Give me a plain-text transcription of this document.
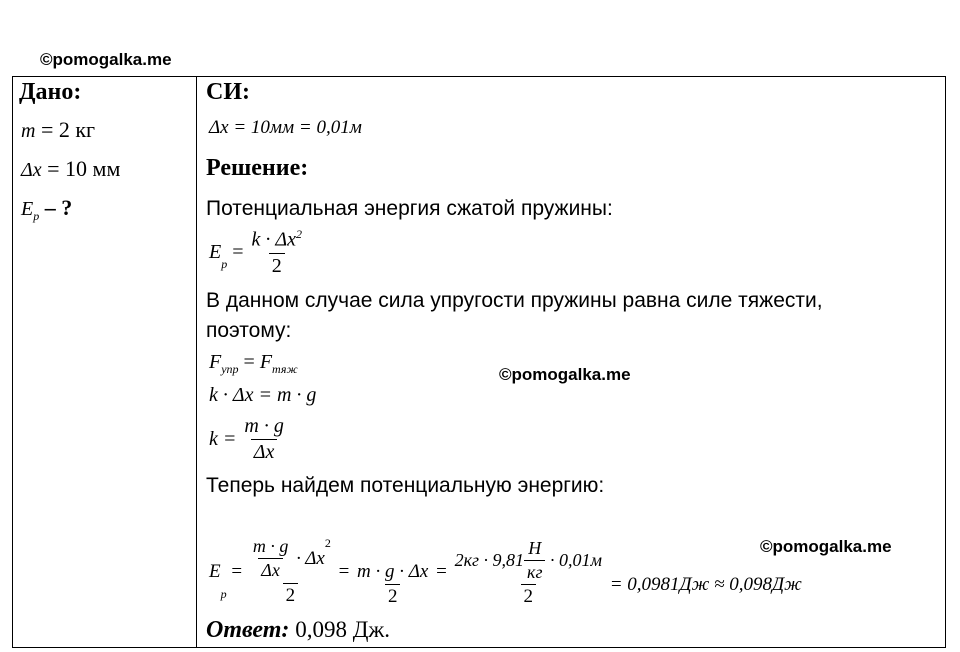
©pomogalka.me
Дано:
m = 2 кг
Δx = 10 мм
$E_p$ – ?
СИ:
Δx = 10мм = 0,01м
Решение:
Потенциальная энергия сжатой пружины:
E
$_p$
= $\frac{k \cdot \Delta x^2}{2}$
В данном случае сила упругости пружины равна силе тяжести,
поэтому:
$F_{упр} = F_{тяж}$
k · Δx = m · g
$k = \frac{m \cdot g}{\Delta x}$
Теперь найдем потенциальную энергию:
©pomogalka.me
©pomogalka.me
E
p
= $\frac{m \cdot g}{\Delta x} \cdot \Delta x$
$^2$
$2 = \frac{m \cdot g \cdot \Delta x}{2}$ =
$2кг \cdot 9,81 \frac{Н}{кг} \cdot 0,01м$
2
= 0,0981Дж ≈ 0,098Дж
Ответ: 0,098 Дж.
